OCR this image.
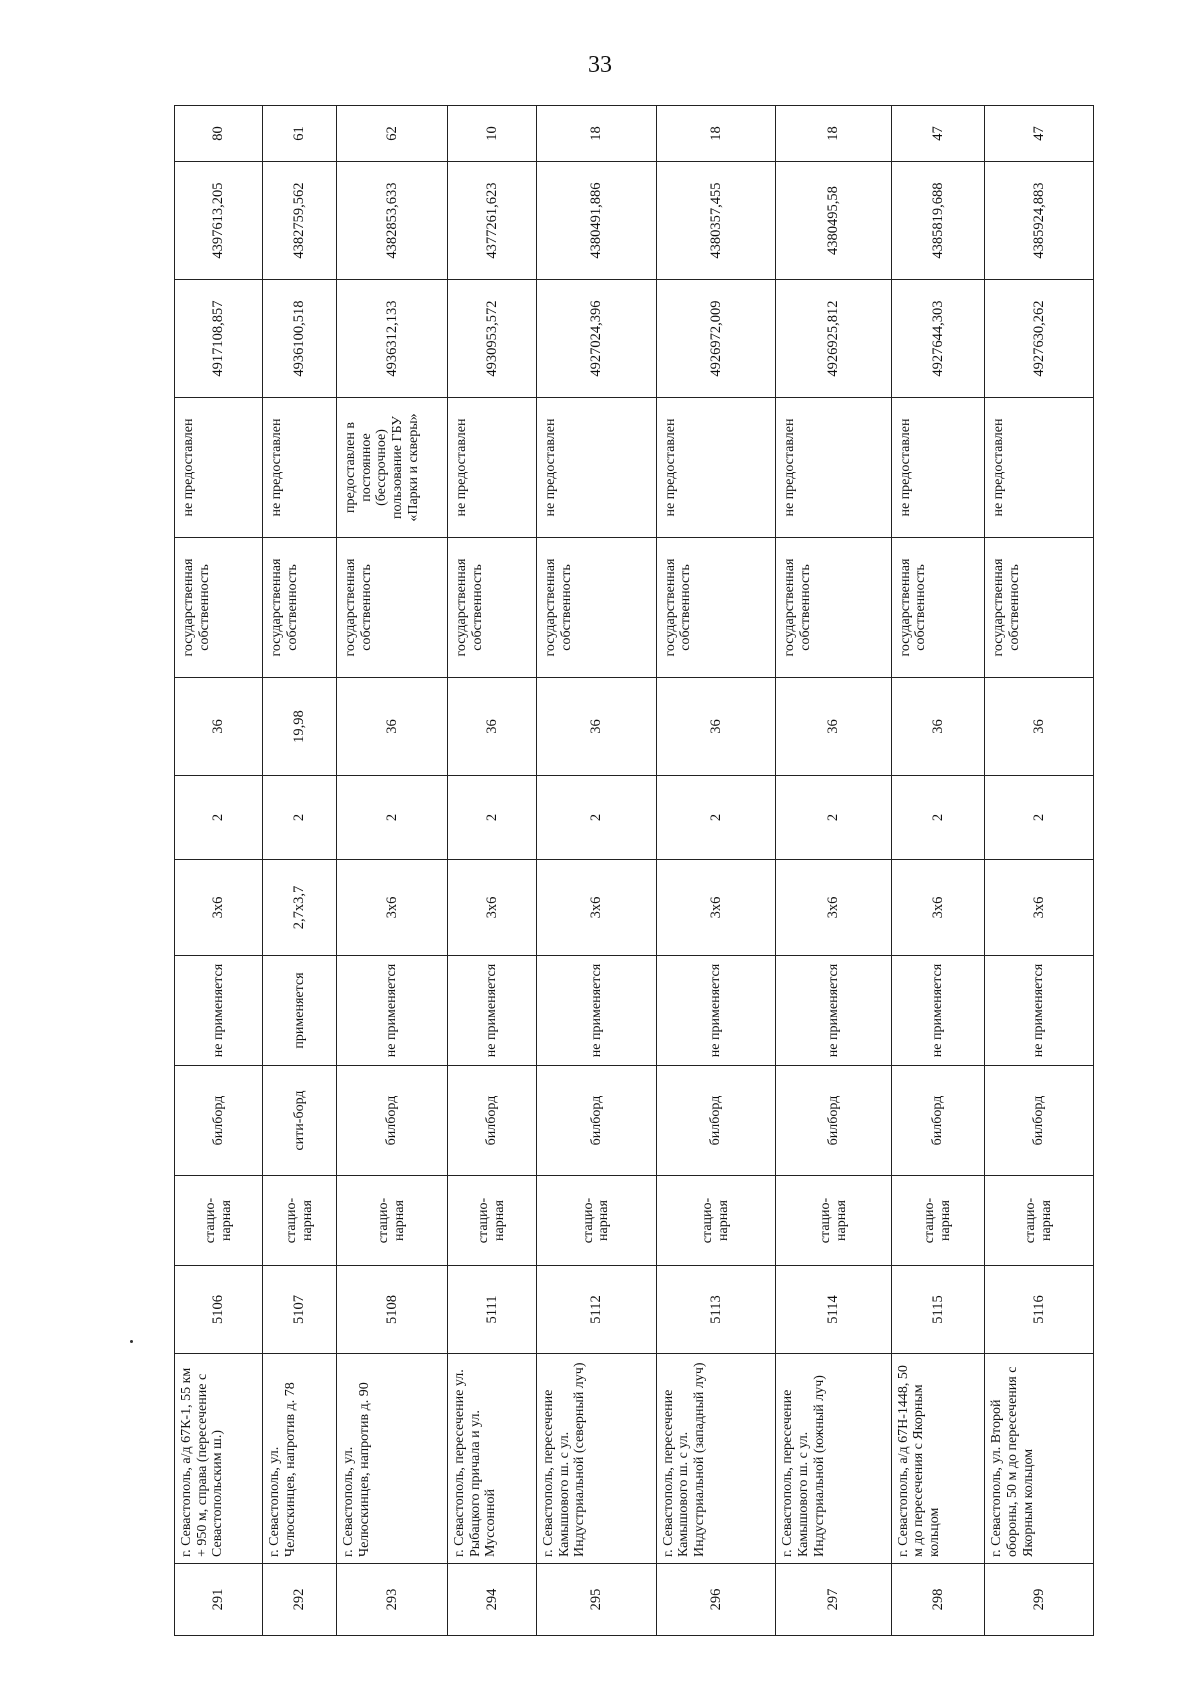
33
291	г. Севастополь, а/д 67К-1, 55 км + 950 м, справа (пересечение с Севастопольским ш.)	5106	стацио-нарная	билборд	не применяется	3х6	2	36	государственная собственность	не предоставлен	4917108,857	4397613,205	80
292	г. Севастополь, ул. Челюскинцев, напротив д. 78	5107	стацио-нарная	сити-борд	применяется	2,7х3,7	2	19,98	государственная собственность	не предоставлен	4936100,518	4382759,562	61
293	г. Севастополь, ул. Челюскинцев, напротив д. 90	5108	стацио-нарная	билборд	не применяется	3х6	2	36	государственная собственность	предоставлен в постоянное (бессрочное) пользование ГБУ «Парки и скверы»	4936312,133	4382853,633	62
294	г. Севастополь, пересечение ул. Рыбацкого причала и ул. Муссонной	5111	стацио-нарная	билборд	не применяется	3х6	2	36	государственная собственность	не предоставлен	4930953,572	4377261,623	10
295	г. Севастополь, пересечение Камышового ш. с ул. Индустриальной (северный луч)	5112	стацио-нарная	билборд	не применяется	3х6	2	36	государственная собственность	не предоставлен	4927024,396	4380491,886	18
296	г. Севастополь, пересечение Камышового ш. с ул. Индустриальной (западный луч)	5113	стацио-нарная	билборд	не применяется	3х6	2	36	государственная собственность	не предоставлен	4926972,009	4380357,455	18
297	г. Севастополь, пересечение Камышового ш. с ул. Индустриальной (южный луч)	5114	стацио-нарная	билборд	не применяется	3х6	2	36	государственная собственность	не предоставлен	4926925,812	4380495,58	18
298	г. Севастополь, а/д 67Н-1448, 50 м до пересечения с Якорным кольцом	5115	стацио-нарная	билборд	не применяется	3х6	2	36	государственная собственность	не предоставлен	4927644,303	4385819,688	47
299	г. Севастополь, ул. Второй обороны, 50 м до пересечения с Якорным кольцом	5116	стацио-нарная	билборд	не применяется	3х6	2	36	государственная собственность	не предоставлен	4927630,262	4385924,883	47
